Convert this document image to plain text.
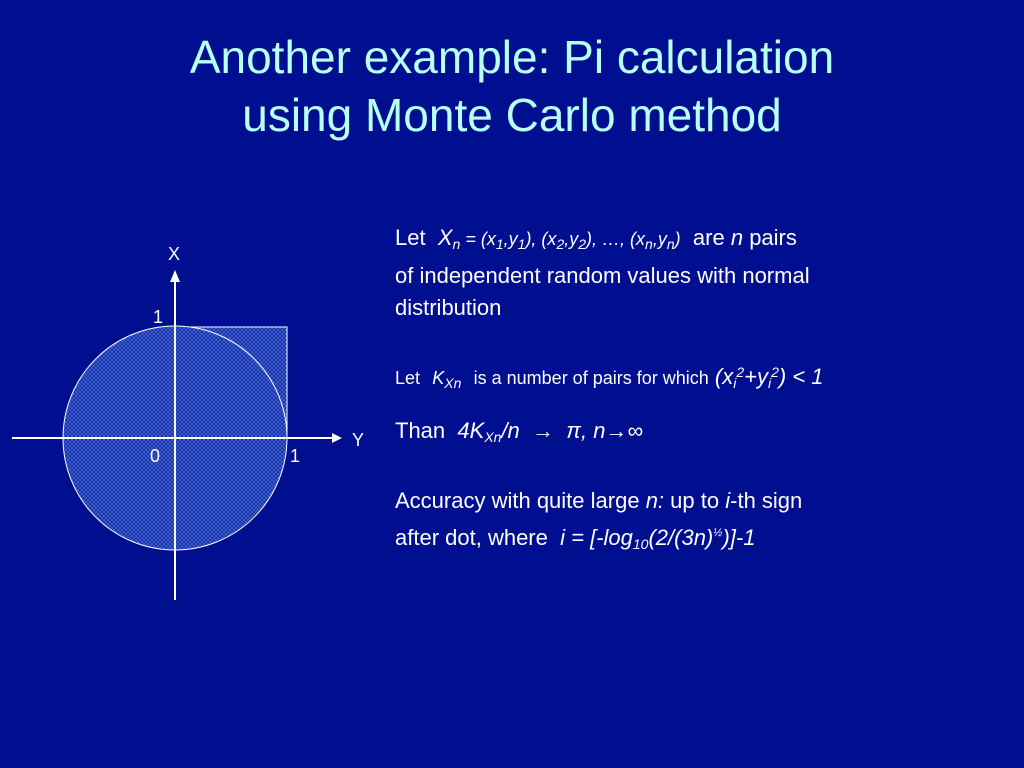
Another example: Pi calculation
using Monte Carlo method
X
Y
0
1
1
Let $X_n = (x_1,y_1)$, $(x_2,y_2)$, …, $(x_n,y_n)$ are n pairs
of independent random values with normal
distribution
Let $K_{Xn}$ is a number of pairs for which $(x_i^2+y_i^2) < 1$
Than $4K_{Xn}/n \to \pi$, n→∞
Accuracy with quite large n: up to i-th sign
after dot, where $i = [-\log_{10}(2/(3n)^{\frac{1}{2}})]-1$
